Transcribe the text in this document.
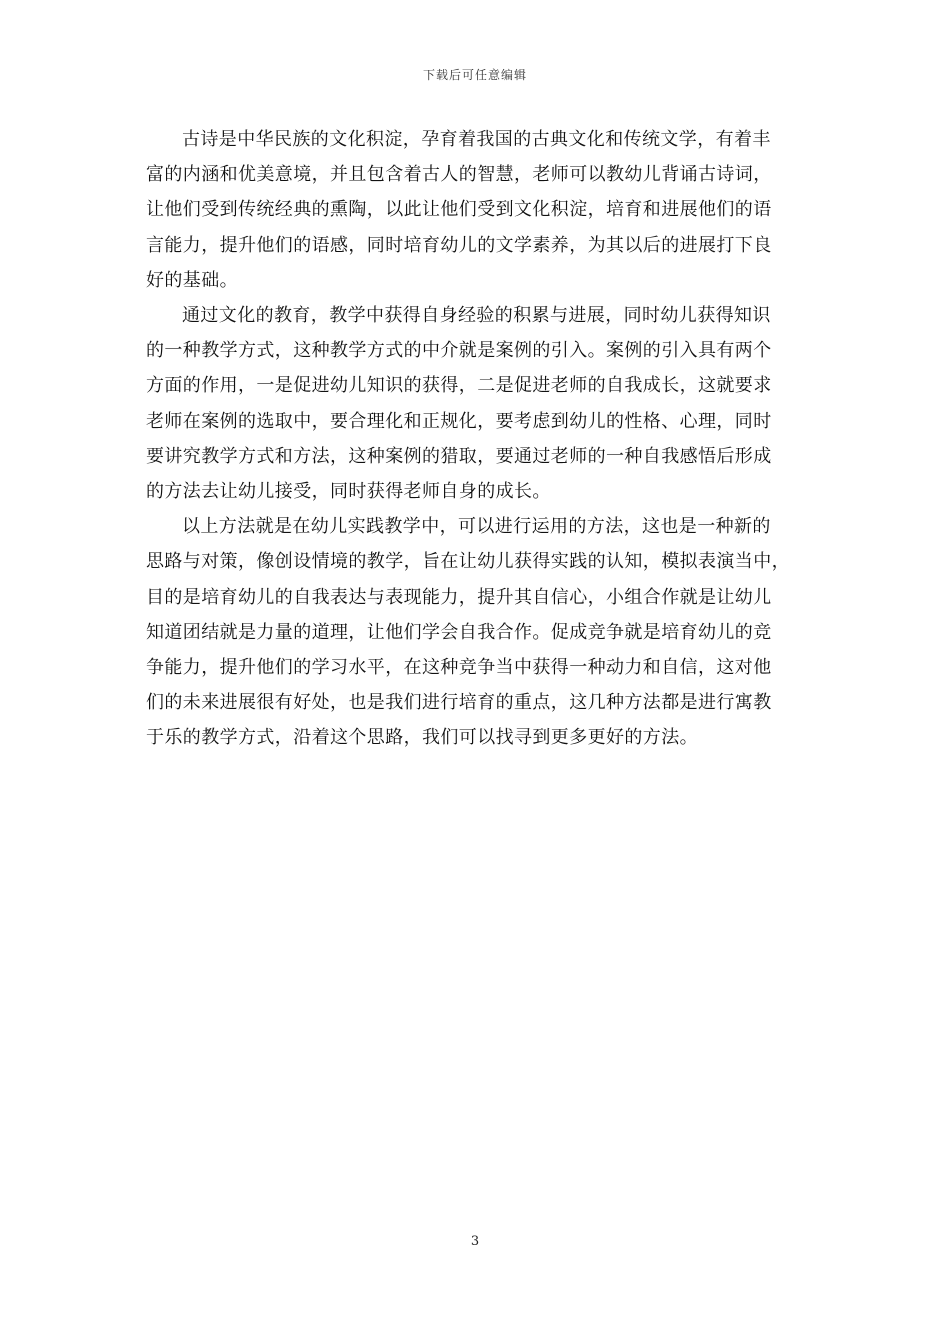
下载后可任意编辑

古诗是中华民族的文化积淀，孕育着我国的古典文化和传统文学，有着丰
富的内涵和优美意境，并且包含着古人的智慧，老师可以教幼儿背诵古诗词，
让他们受到传统经典的熏陶，以此让他们受到文化积淀，培育和进展他们的语
言能力，提升他们的语感，同时培育幼儿的文学素养，为其以后的进展打下良
好的基础。

通过文化的教育，教学中获得自身经验的积累与进展，同时幼儿获得知识
的一种教学方式，这种教学方式的中介就是案例的引入。案例的引入具有两个
方面的作用，一是促进幼儿知识的获得，二是促进老师的自我成长，这就要求
老师在案例的选取中，要合理化和正规化，要考虑到幼儿的性格、心理，同时
要讲究教学方式和方法，这种案例的猎取，要通过老师的一种自我感悟后形成
的方法去让幼儿接受，同时获得老师自身的成长。

以上方法就是在幼儿实践教学中，可以进行运用的方法，这也是一种新的
思路与对策，像创设情境的教学，旨在让幼儿获得实践的认知，模拟表演当中，
目的是培育幼儿的自我表达与表现能力，提升其自信心，小组合作就是让幼儿
知道团结就是力量的道理，让他们学会自我合作。促成竞争就是培育幼儿的竞
争能力，提升他们的学习水平，在这种竞争当中获得一种动力和自信，这对他
们的未来进展很有好处，也是我们进行培育的重点，这几种方法都是进行寓教
于乐的教学方式，沿着这个思路，我们可以找寻到更多更好的方法。

3
